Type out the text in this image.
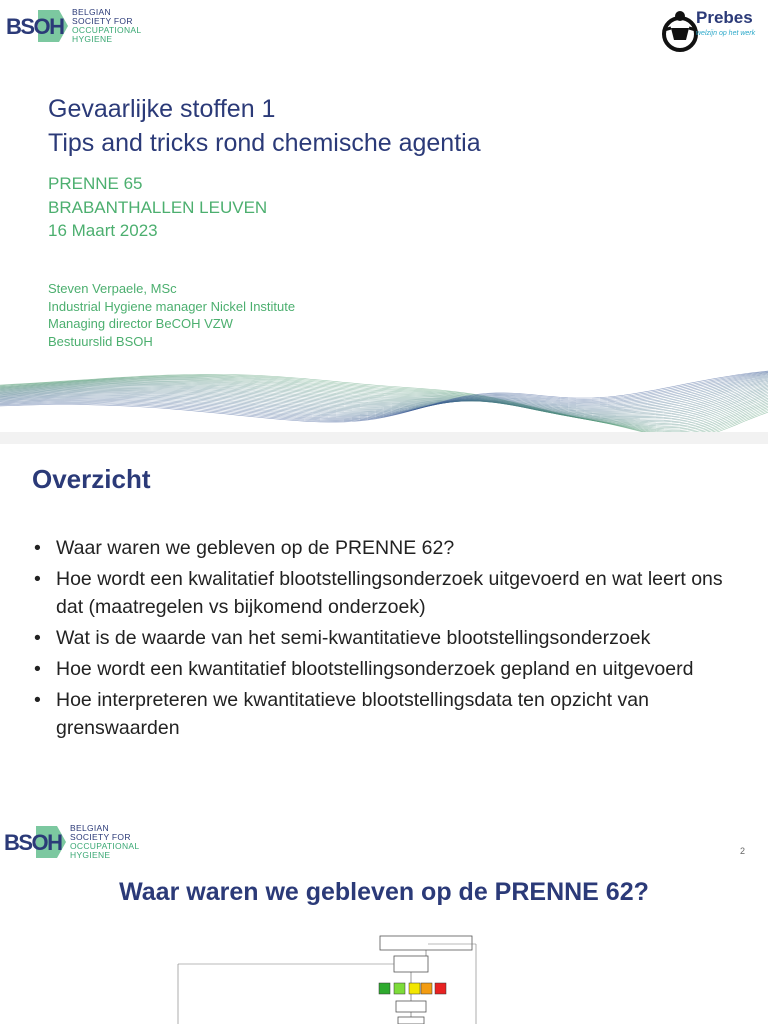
BSOH
BELGIAN
SOCIETY FOR
OCCUPATIONAL
HYGIENE
Prebes
welzijn op het werk
Gevaarlijke stoffen 1
Tips and tricks rond chemische agentia
PRENNE 65
BRABANTHALLEN LEUVEN
16 Maart 2023
Steven Verpaele, MSc
Industrial Hygiene manager Nickel Institute
Managing director BeCOH VZW
Bestuurslid BSOH
Overzicht
• Waar waren we gebleven op de PRENNE 62?
• Hoe wordt een kwalitatief blootstellingsonderzoek uitgevoerd en wat leert ons dat (maatregelen vs bijkomend onderzoek)
• Wat is de waarde van het semi-kwantitatieve blootstellingsonderzoek
• Hoe wordt een kwantitatief blootstellingsonderzoek gepland en uitgevoerd
• Hoe interpreteren we kwantitatieve blootstellingsdata ten opzicht van grenswaarden
BSOH
BELGIAN
SOCIETY FOR
OCCUPATIONAL
HYGIENE	2
Waar waren we gebleven op de PRENNE 62?
